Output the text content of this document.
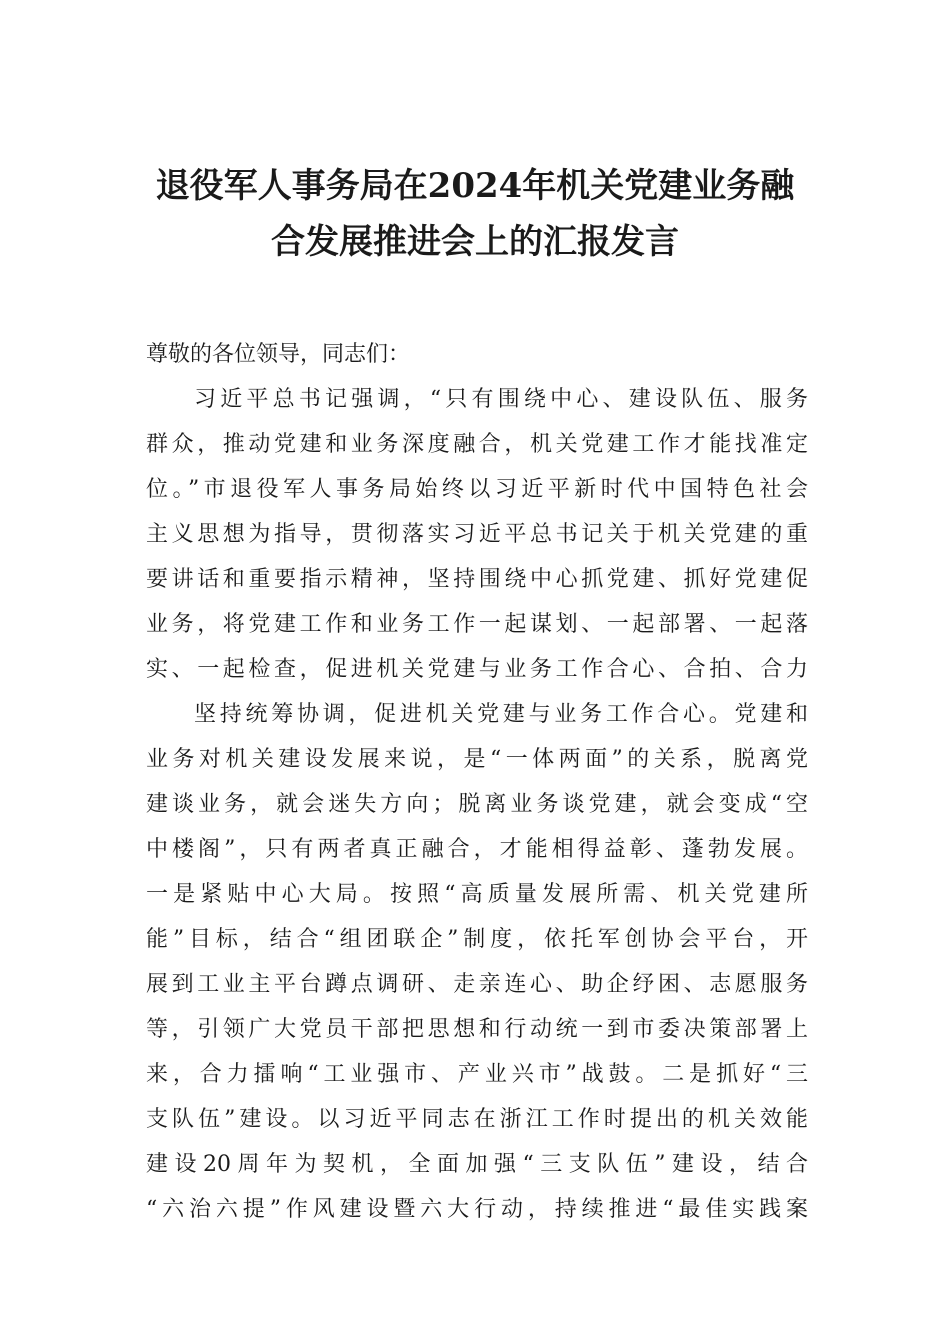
退役军人事务局在2024年机关党建业务融
合发展推进会上的汇报发言
尊敬的各位领导，同志们：
习近平总书记强调，“只有围绕中心、建设队伍、服务
群众，推动党建和业务深度融合，机关党建工作才能找准定
位。”市退役军人事务局始终以习近平新时代中国特色社会
主义思想为指导，贯彻落实习近平总书记关于机关党建的重
要讲话和重要指示精神，坚持围绕中心抓党建、抓好党建促
业务，将党建工作和业务工作一起谋划、一起部署、一起落
实、一起检查，促进机关党建与业务工作合心、合拍、合力
坚持统筹协调，促进机关党建与业务工作合心。党建和
业务对机关建设发展来说，是“一体两面”的关系，脱离党
建谈业务，就会迷失方向；脱离业务谈党建，就会变成“空
中楼阁”，只有两者真正融合，才能相得益彰、蓬勃发展。
一是紧贴中心大局。按照“高质量发展所需、机关党建所
能”目标，结合“组团联企”制度，依托军创协会平台，开
展到工业主平台蹲点调研、走亲连心、助企纾困、志愿服务
等，引领广大党员干部把思想和行动统一到市委决策部署上
来，合力擂响“工业强市、产业兴市”战鼓。二是抓好“三
支队伍”建设。以习近平同志在浙江工作时提出的机关效能
建设20周年为契机，全面加强“三支队伍”建设，结合
“六治六提”作风建设暨六大行动，持续推进“最佳实践案
